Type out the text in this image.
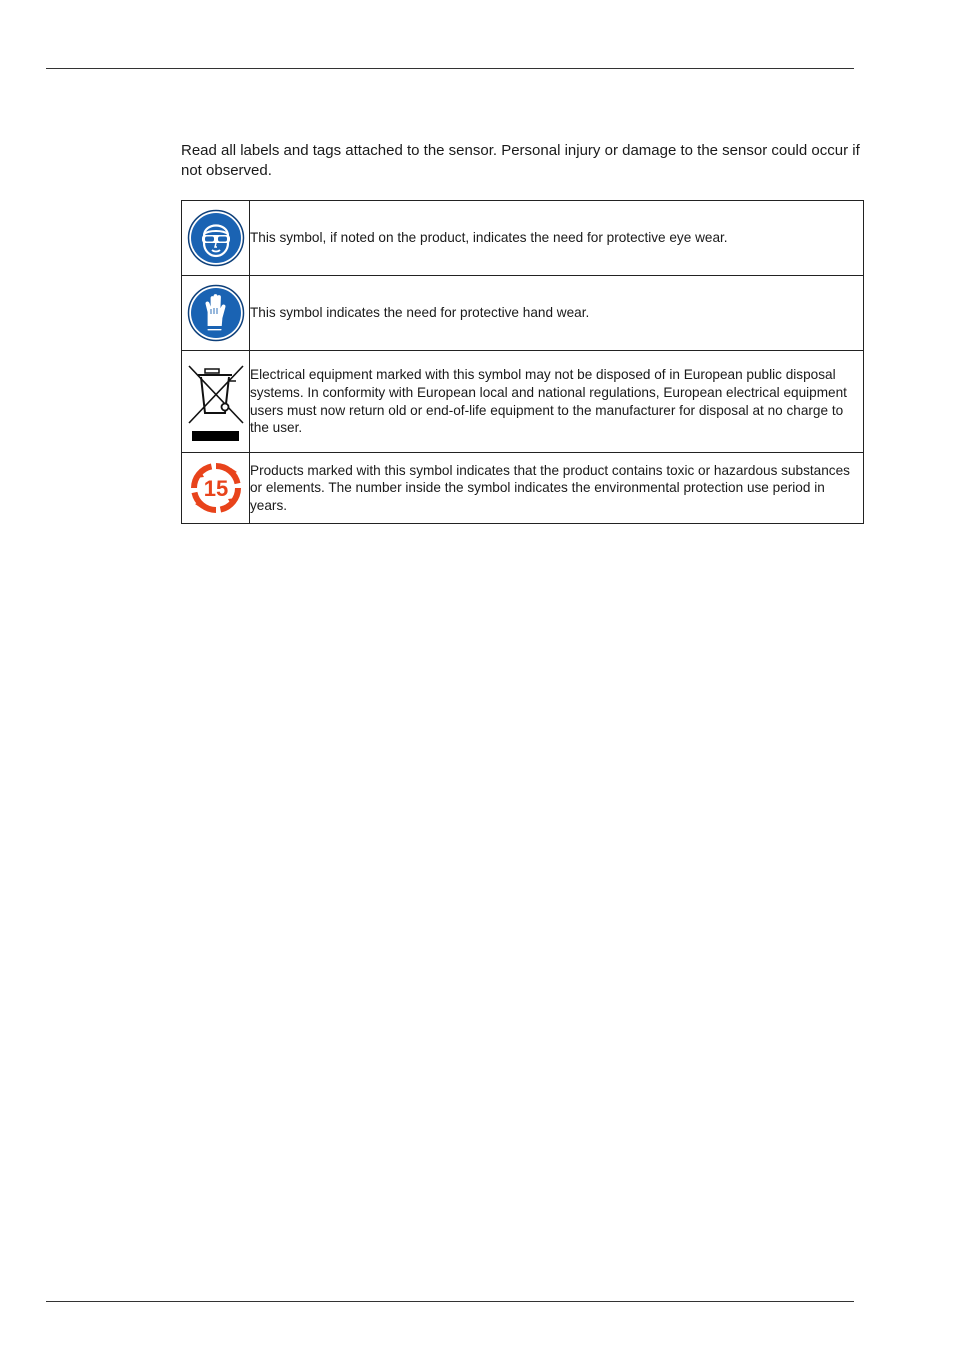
Read all labels and tags attached to the sensor. Personal injury or damage to the sensor could occur if not observed.

	This symbol, if noted on the product, indicates the need for protective eye wear.

	This symbol indicates the need for protective hand wear.

	Electrical equipment marked with this symbol may not be disposed of in European public disposal systems. In conformity with European local and national regulations, European electrical equipment users must now return old or end-of-life equipment to the manufacturer for disposal at no charge to the user.

15	Products marked with this symbol indicates that the product contains toxic or hazardous substances or elements. The number inside the symbol indicates the environmental protection use period in years.
